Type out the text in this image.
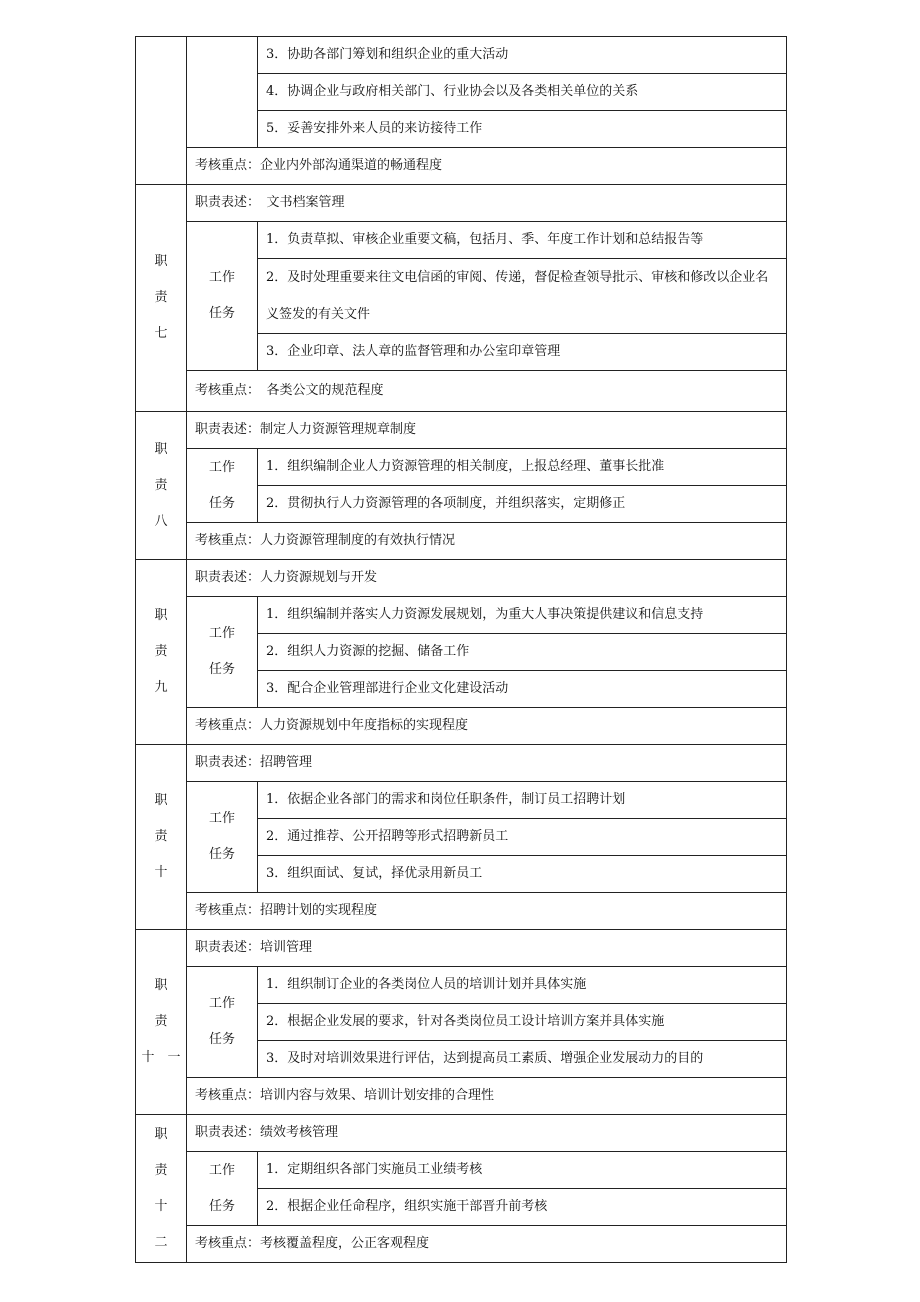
		3．协助各部门筹划和组织企业的重大活动
		4．协调企业与政府相关部门、行业协会以及各类相关单位的关系
		5．妥善安排外来人员的来访接待工作
	考核重点：企业内外部沟通渠道的畅通程度	

职
责
七	职责表述：　文书档案管理	

	工作
任务	1．负责草拟、审核企业重要文稿，包括月、季、年度工作计划和总结报告等
		2．及时处理重要来往文电信函的审阅、传递，督促检查领导批示、审核和修改以企业名义签发的有关文件
		3．企业印章、法人章的监督管理和办公室印章管理
	考核重点：　各类公文的规范程度	

职
责
八	职责表述：制定人力资源管理规章制度	

	工作
任务	1．组织编制企业人力资源管理的相关制度，上报总经理、董事长批准
		2．贯彻执行人力资源管理的各项制度，并组织落实，定期修正
	考核重点：人力资源管理制度的有效执行情况	

职
责
九	职责表述：人力资源规划与开发	

	工作
任务	1．组织编制并落实人力资源发展规划，为重大人事决策提供建议和信息支持
		2．组织人力资源的挖掘、储备工作
		3．配合企业管理部进行企业文化建设活动
	考核重点：人力资源规划中年度指标的实现程度	

职
责
十	职责表述：招聘管理	

	工作
任务	1．依据企业各部门的需求和岗位任职条件，制订员工招聘计划
		2．通过推荐、公开招聘等形式招聘新员工
		3．组织面试、复试，择优录用新员工
	考核重点：招聘计划的实现程度	

职
责
十　一	职责表述：培训管理	

	工作
任务	1．组织制订企业的各类岗位人员的培训计划并具体实施
		2．根据企业发展的要求，针对各类岗位员工设计培训方案并具体实施
		3．及时对培训效果进行评估，达到提高员工素质、增强企业发展动力的目的
	考核重点：培训内容与效果、培训计划安排的合理性	

职
责
十
二	职责表述：绩效考核管理	

	工作
任务	1．定期组织各部门实施员工业绩考核
		2．根据企业任命程序，组织实施干部晋升前考核
	考核重点：考核覆盖程度，公正客观程度	
